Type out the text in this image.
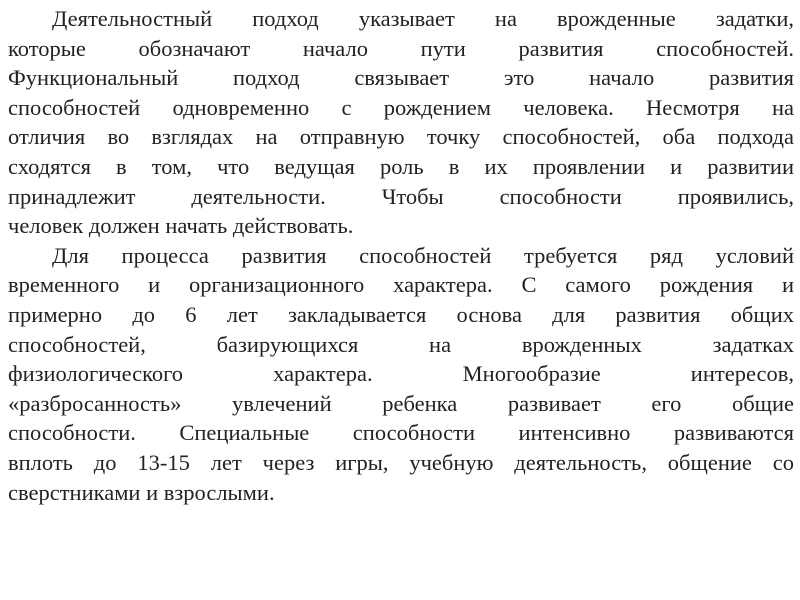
Деятельностный подход указывает на врожденные задатки,
которые обозначают начало пути развития способностей.
Функциональный подход связывает это начало развития
способностей одновременно с рождением человека. Несмотря на
отличия во взглядах на отправную точку способностей, оба подхода
сходятся в том, что ведущая роль в их проявлении и развитии
принадлежит деятельности. Чтобы способности проявились,
человек должен начать действовать.
Для процесса развития способностей требуется ряд условий
временного и организационного характера. С самого рождения и
примерно до 6 лет закладывается основа для развития общих
способностей, базирующихся на врожденных задатках
физиологического характера. Многообразие интересов,
«разбросанность» увлечений ребенка развивает его общие
способности. Специальные способности интенсивно развиваются
вплоть до 13-15 лет через игры, учебную деятельность, общение со
сверстниками и взрослыми.
